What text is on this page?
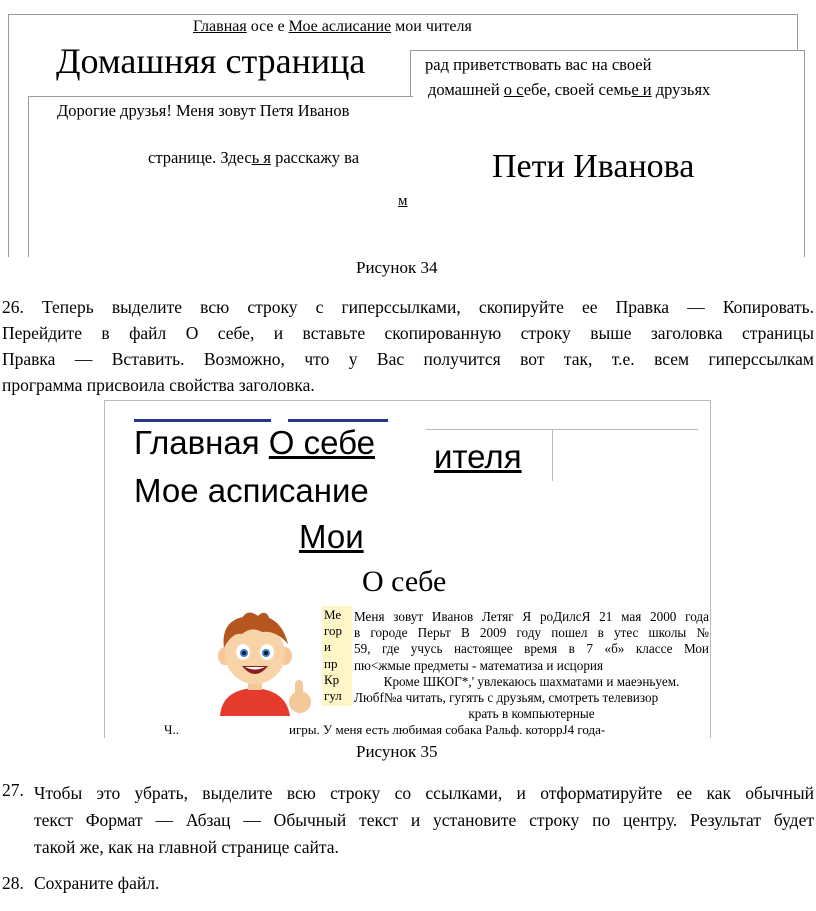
Главная осе е Мое аслисание мои чителя
Домашняя страница	рад приветствовать вас на своей
домашней о себе, своей семье и друзьях
Дорогие друзья! Меня зовут Петя Иванов
странице. Здесь я расскажу ва
м
Пети Иванова
Рисунок 34
26. Теперь выделите всю строку с гиперссылками, скопируйте ее Правка — Копировать.
Перейдите в файл О себе, и вставьте скопированную строку выше заголовка страницы
Правка — Вставить. Возможно, что у Вас получится вот так, т.е. всем гиперссылкам
программа присвоила свойства заголовка.
Главная О себе ителя
Мое асписание
Мои
О себе
Ме
гор
и
пр
Кр
гул
Меня зовут Иванов Летяг Я роДилсЯ 21 мая 2000 года
в городе Перьт В 2009 году пошел в утес школы №
59, где учусь настоящее время в 7 «б» классе Мои
пю<жмые предметы - матемaтиза и исцория
Кроме ШКОГ*,' увлекаюсь шахматами и маеэньуем.
Любf№a читать, гугять с друзьям, смотреть телевизор
крать в компьютерные
Ч..	игры. У меня есть любимая собака Ральф. которрJ4 года-
Рисунок 35
27. Чтобы это убрать, выделите всю строку со ссылками, и отформатируйте ее как обычный
текст Формат — Абзац — Обычный текст и установите строку по центру. Результат будет
такой же, как на главной странице сайта.
28. Сохраните файл.
